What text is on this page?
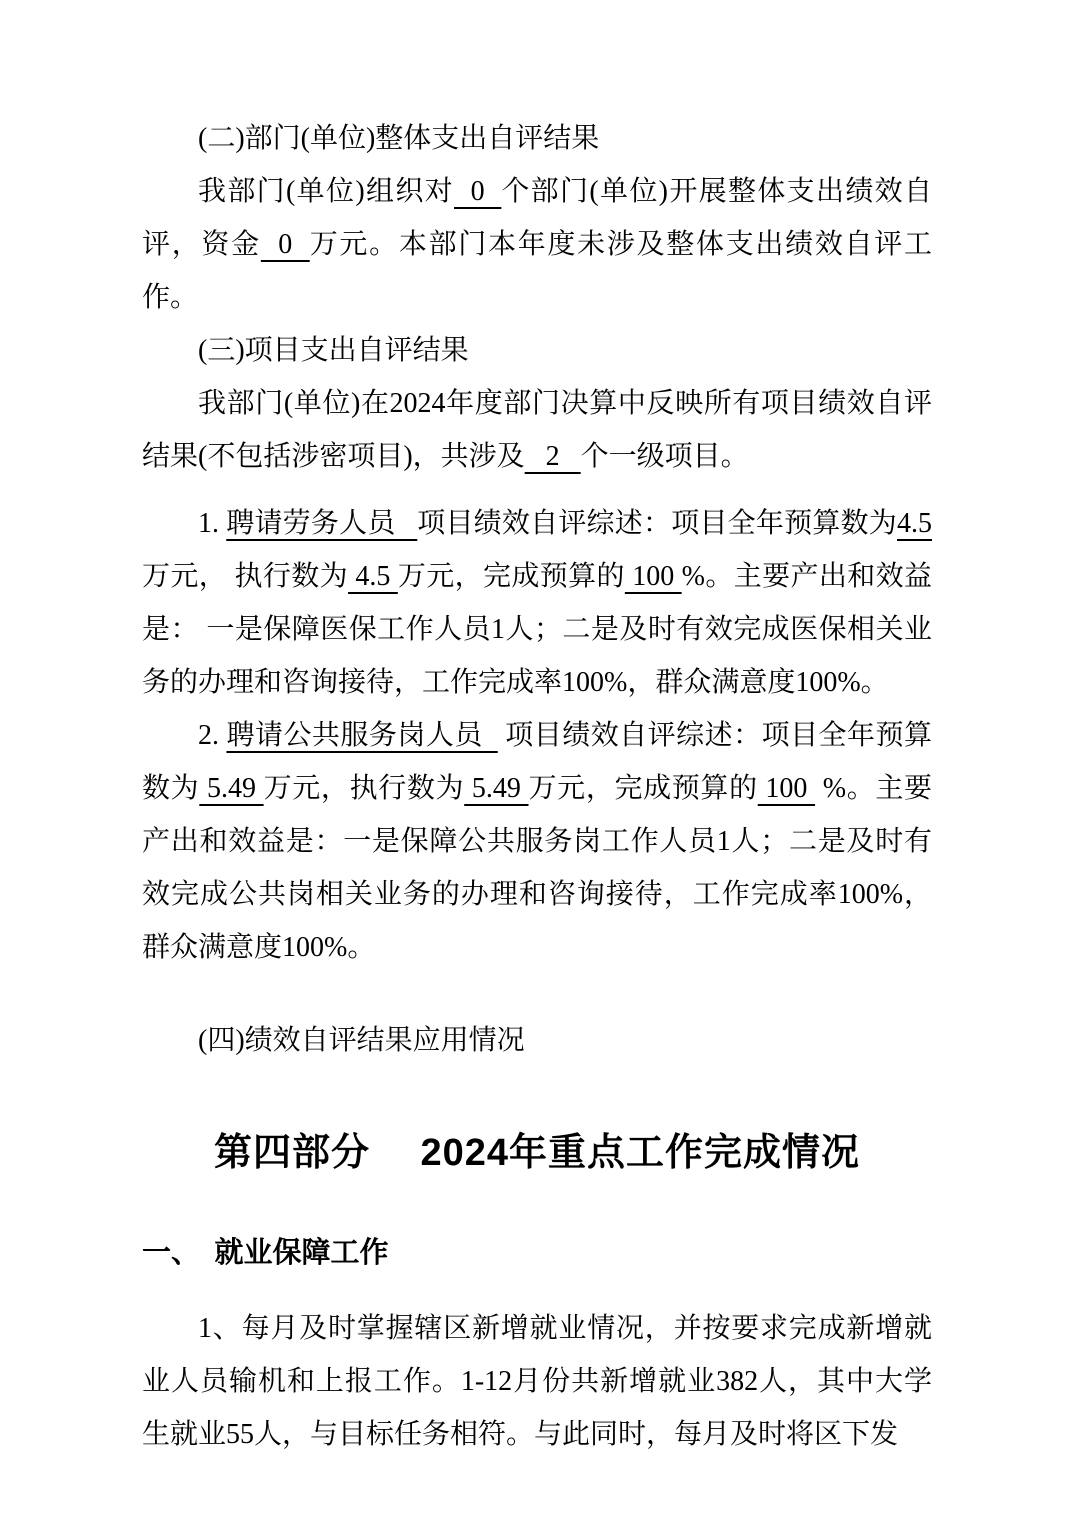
(二)部门(单位)整体支出自评结果
我部门(单位)组织对  0  个部门(单位)开展整体支出绩效自评，资金  0  万元。本部门本年度未涉及整体支出绩效自评工作。
(三)项目支出自评结果
我部门(单位)在2024年度部门决算中反映所有项目绩效自评结果(不包括涉密项目)，共涉及   2   个一级项目。
1. 聘请劳务人员   项目绩效自评综述：项目全年预算数为4.5万元， 执行数为 4.5 万元，完成预算的 100 %。主要产出和效益是： 一是保障医保工作人员1人；二是及时有效完成医保相关业务的办理和咨询接待，工作完成率100%，群众满意度100%。
2. 聘请公共服务岗人员   项目绩效自评综述：项目全年预算数为 5.49 万元，执行数为 5.49 万元，完成预算的 100  %。主要产出和效益是：一是保障公共服务岗工作人员1人；二是及时有效完成公共岗相关业务的办理和咨询接待，工作完成率100%，群众满意度100%。
(四)绩效自评结果应用情况
第四部分　 2024年重点工作完成情况
一、　就业保障工作
1、每月及时掌握辖区新增就业情况，并按要求完成新增就业人员输机和上报工作。1-12月份共新增就业382人，其中大学生就业55人，与目标任务相符。与此同时，每月及时将区下发
